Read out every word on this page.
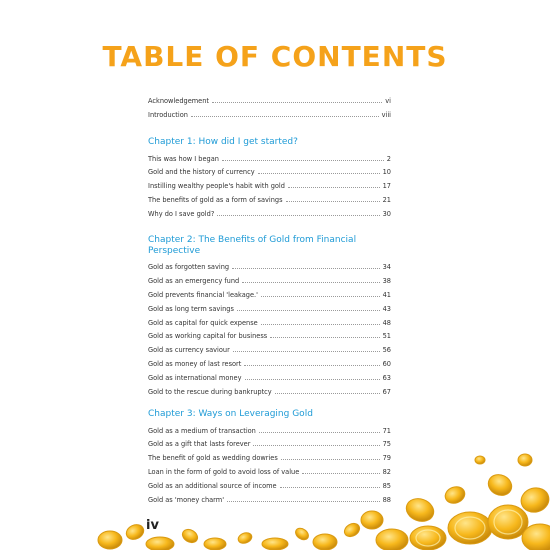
TABLE OF CONTENTS
Acknowledgement	vi
Introduction	viii
Chapter 1: How did I get started?
This was how I began	2
Gold and the history of currency	10
Instilling wealthy people's habit with gold	17
The benefits of gold as a form of savings	21
Why do I save gold?	30
Chapter 2: The Benefits of Gold from Financial
Perspective
Gold as forgotten saving	34
Gold as an emergency fund	38
Gold prevents financial 'leakage.'	41
Gold as long term savings	43
Gold as capital for quick expense	48
Gold as working capital for business	51
Gold as currency saviour	56
Gold as money of last resort	60
Gold as international money	63
Gold to the rescue during bankruptcy	67
Chapter 3: Ways on Leveraging Gold
Gold as a medium of transaction	71
Gold as a gift that lasts forever	75
The benefit of gold as wedding dowries	79
Loan in the form of gold to avoid loss of value	82
Gold as an additional source of income	85
Gold as 'money charm'	88
iv
